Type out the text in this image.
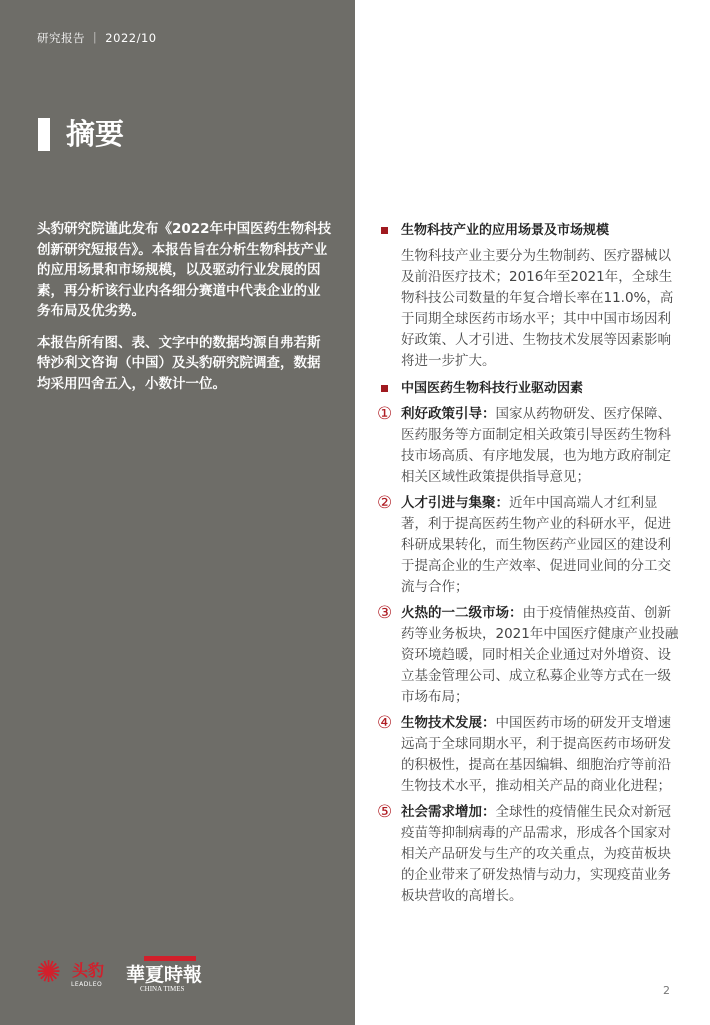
研究报告 ｜ 2022/10
摘要

头豹研究院谨此发布《2022年中国医药生物科技创新研究短报告》。本报告旨在分析生物科技产业的应用场景和市场规模，以及驱动行业发展的因素，再分析该行业内各细分赛道中代表企业的业务布局及优劣势。

本报告所有图、表、文字中的数据均源自弗若斯特沙利文咨询（中国）及头豹研究院调查，数据均采用四舍五入，小数计一位。

✺ 头豹
LEADLEO 華夏時報
CHINA TIMES
生物科技产业的应用场景及市场规模
生物科技产业主要分为生物制药、医疗器械以及前沿医疗技术；2016年至2021年，全球生物科技公司数量的年复合增长率在11.0%，高于同期全球医药市场水平；其中中国市场因利好政策、人才引进、生物技术发展等因素影响将进一步扩大。
中国医药生物科技行业驱动因素
① 利好政策引导：国家从药物研发、医疗保障、医药服务等方面制定相关政策引导医药生物科技市场高质、有序地发展，也为地方政府制定相关区域性政策提供指导意见；
② 人才引进与集聚：近年中国高端人才红利显著，利于提高医药生物产业的科研水平，促进科研成果转化，而生物医药产业园区的建设利于提高企业的生产效率、促进同业间的分工交流与合作；
③ 火热的一二级市场：由于疫情催热疫苗、创新药等业务板块，2021年中国医疗健康产业投融资环境趋暖，同时相关企业通过对外增资、设立基金管理公司、成立私募企业等方式在一级市场布局；
④ 生物技术发展：中国医药市场的研发开支增速远高于全球同期水平，利于提高医药市场研发的积极性，提高在基因编辑、细胞治疗等前沿生物技术水平，推动相关产品的商业化进程；
⑤ 社会需求增加：全球性的疫情催生民众对新冠疫苗等抑制病毒的产品需求，形成各个国家对相关产品研发与生产的攻关重点，为疫苗板块的企业带来了研发热情与动力，实现疫苗业务板块营收的高增长。
2
